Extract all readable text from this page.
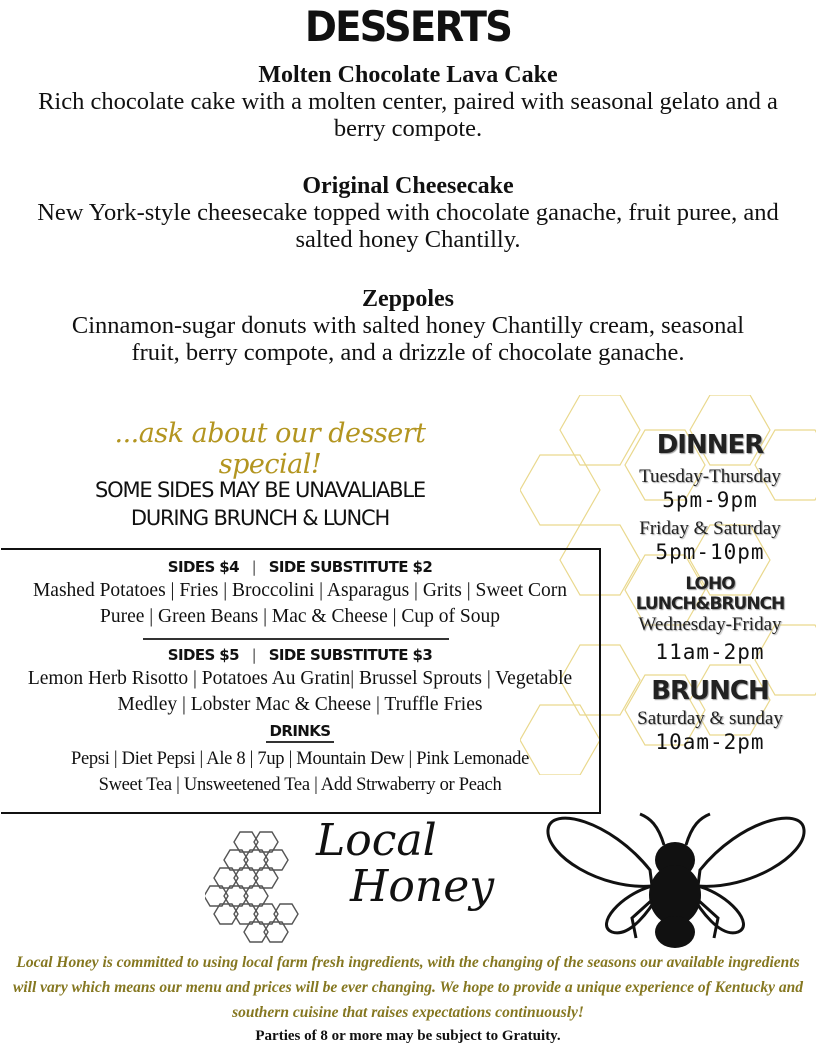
DESSERTS
Molten Chocolate Lava Cake
Rich chocolate cake with a molten center, paired with seasonal gelato and a berry compote.
Original Cheesecake
New York-style cheesecake topped with chocolate ganache, fruit puree, and salted honey Chantilly.
Zeppoles
Cinnamon-sugar donuts with salted honey Chantilly cream, seasonal fruit, berry compote, and a drizzle of chocolate ganache.
...ask about our dessert special!
SOME SIDES MAY BE UNAVALIABLE
DURING BRUNCH & LUNCH
SIDES $4 | SIDE SUBSTITUTE $2
Mashed Potatoes | Fries | Broccolini | Asparagus | Grits | Sweet Corn Puree | Green Beans | Mac & Cheese | Cup of Soup
SIDES $5 | SIDE SUBSTITUTE $3
Lemon Herb Risotto | Potatoes Au Gratin| Brussel Sprouts | Vegetable Medley | Lobster Mac & Cheese | Truffle Fries
DRINKS
Pepsi | Diet Pepsi | Ale 8 | 7up | Mountain Dew | Pink Lemonade
Sweet Tea | Unsweetened Tea | Add Strwaberry or Peach
DINNER
Tuesday-Thursday
5pm-9pm
Friday & Saturday
5pm-10pm
LOHO
LUNCH&BRUNCH
Wednesday-Friday
11am-2pm
BRUNCH
Saturday & sunday
10am-2pm
Local
Honey
Local Honey is committed to using local farm fresh ingredients, with the changing of the seasons our available ingredients will vary which means our menu and prices will be ever changing. We hope to provide a unique experience of Kentucky and southern cuisine that raises expectations continuously!
Parties of 8 or more may be subject to Gratuity.
